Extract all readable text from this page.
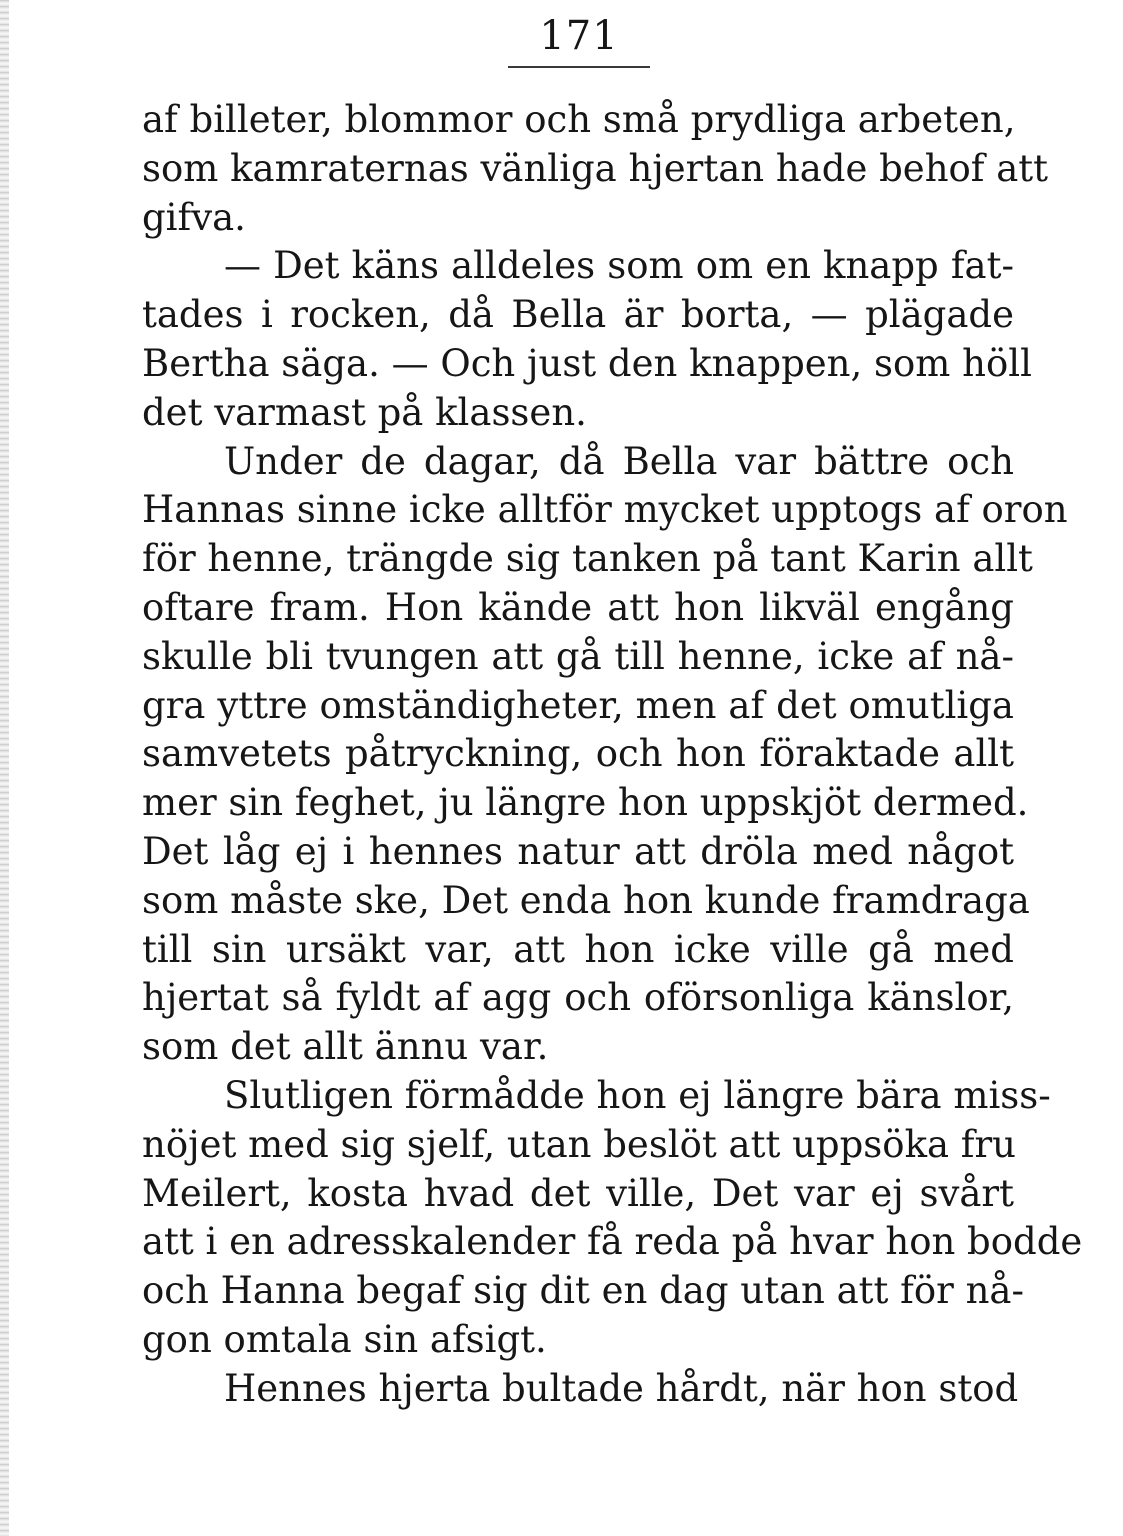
171
af billeter, blommor och små prydliga arbeten,
som kamraternas vänliga hjertan hade behof att
gifva.
— Det käns alldeles som om en knapp fat-
tades i rocken, då Bella är borta, — plägade
Bertha säga. — Och just den knappen, som höll
det varmast på klassen.
Under de dagar, då Bella var bättre och
Hannas sinne icke alltför mycket upptogs af oron
för henne, trängde sig tanken på tant Karin allt
oftare fram. Hon kände att hon likväl engång
skulle bli tvungen att gå till henne, icke af nå-
gra yttre omständigheter, men af det omutliga
samvetets påtryckning, och hon föraktade allt
mer sin feghet, ju längre hon uppskjöt dermed.
Det låg ej i hennes natur att dröla med något
som måste ske, Det enda hon kunde framdraga
till sin ursäkt var, att hon icke ville gå med
hjertat så fyldt af agg och oförsonliga känslor,
som det allt ännu var.
Slutligen förmådde hon ej längre bära miss-
nöjet med sig sjelf, utan beslöt att uppsöka fru
Meilert, kosta hvad det ville, Det var ej svårt
att i en adresskalender få reda på hvar hon bodde
och Hanna begaf sig dit en dag utan att för nå-
gon omtala sin afsigt.
Hennes hjerta bultade hårdt, när hon stod
